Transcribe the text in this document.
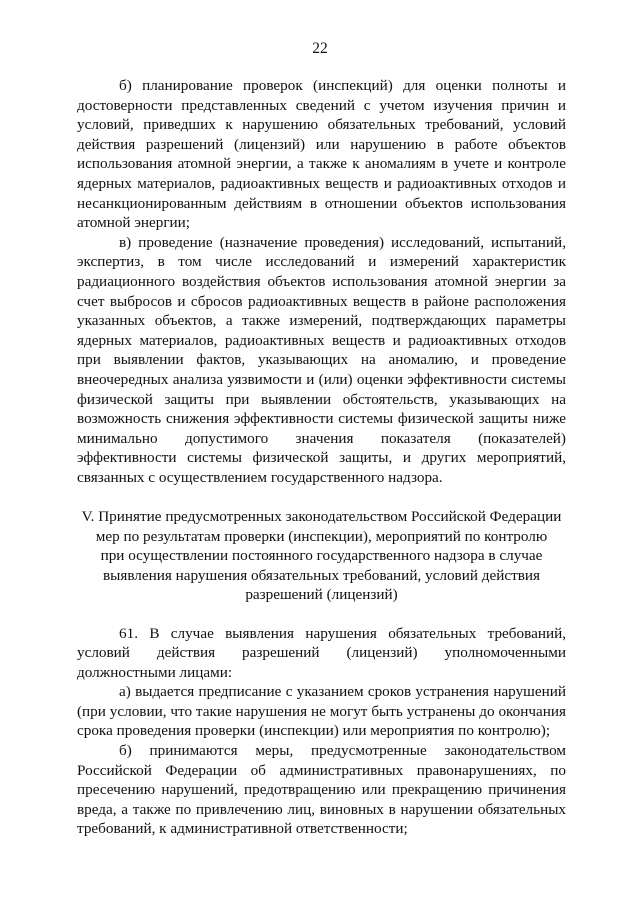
22

б) планирование проверок (инспекций) для оценки полноты и достоверности представленных сведений с учетом изучения причин и условий, приведших к нарушению обязательных требований, условий действия разрешений (лицензий) или нарушению в работе объектов использования атомной энергии, а также к аномалиям в учете и контроле ядерных материалов, радиоактивных веществ и радиоактивных отходов и несанкционированным действиям в отношении объектов использования атомной энергии;

в) проведение (назначение проведения) исследований, испытаний, экспертиз, в том числе исследований и измерений характеристик радиационного воздействия объектов использования атомной энергии за счет выбросов и сбросов радиоактивных веществ в районе расположения указанных объектов, а также измерений, подтверждающих параметры ядерных материалов, радиоактивных веществ и радиоактивных отходов при выявлении фактов, указывающих на аномалию, и проведение внеочередных анализа уязвимости и (или) оценки эффективности системы физической защиты при выявлении обстоятельств, указывающих на возможность снижения эффективности системы физической защиты ниже минимально допустимого значения показателя (показателей) эффективности системы физической защиты, и других мероприятий, связанных с осуществлением государственного надзора.

V. Принятие предусмотренных законодательством Российской Федерации
мер по результатам проверки (инспекции), мероприятий по контролю
при осуществлении постоянного государственного надзора в случае
выявления нарушения обязательных требований, условий действия
разрешений (лицензий)

61. В случае выявления нарушения обязательных требований, условий действия разрешений (лицензий) уполномоченными должностными лицами:

а) выдается предписание с указанием сроков устранения нарушений (при условии, что такие нарушения не могут быть устранены до окончания срока проведения проверки (инспекции) или мероприятия по контролю);

б) принимаются меры, предусмотренные законодательством Российской Федерации об административных правонарушениях, по пресечению нарушений, предотвращению или прекращению причинения вреда, а также по привлечению лиц, виновных в нарушении обязательных требований, к административной ответственности;
